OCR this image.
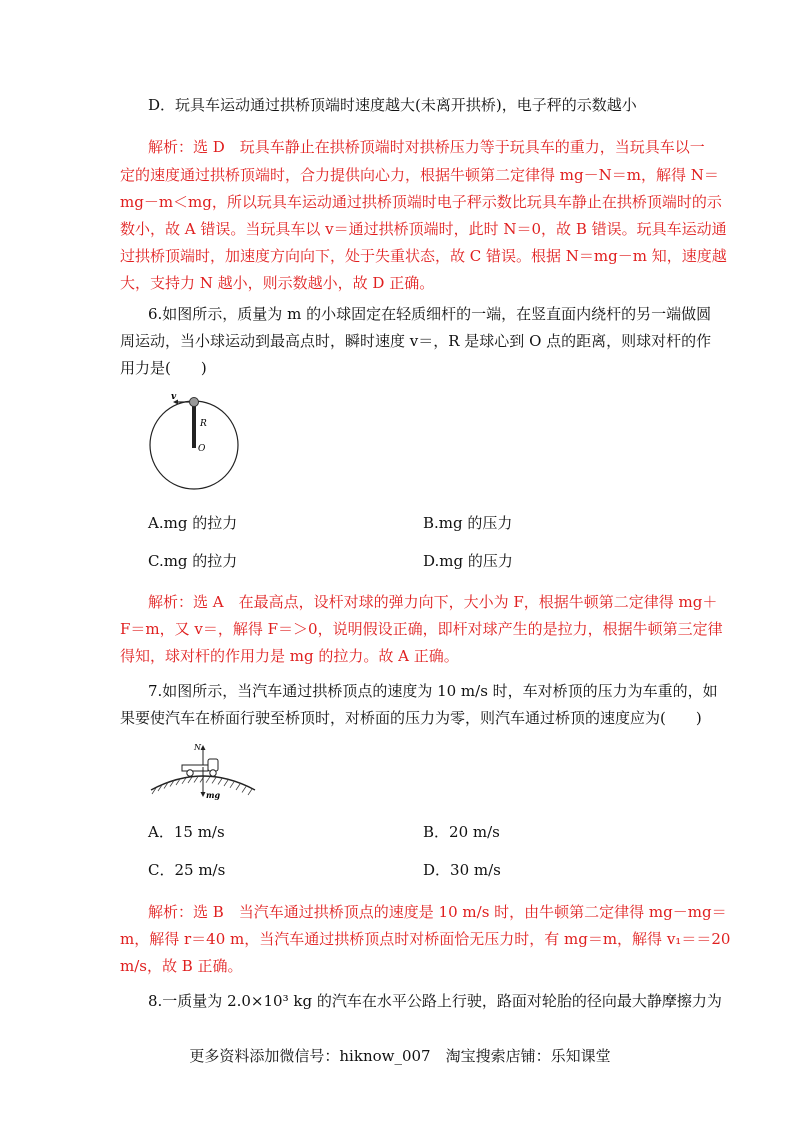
D．玩具车运动通过拱桥顶端时速度越大(未离开拱桥)，电子秤的示数越小
解析：选 D　玩具车静止在拱桥顶端时对拱桥压力等于玩具车的重力，当玩具车以一
定的速度通过拱桥顶端时，合力提供向心力，根据牛顿第二定律得 mg－N＝m，解得 N＝
mg－m＜mg，所以玩具车运动通过拱桥顶端时电子秤示数比玩具车静止在拱桥顶端时的示
数小，故 A 错误。当玩具车以 v＝通过拱桥顶端时，此时 N＝0，故 B 错误。玩具车运动通
过拱桥顶端时，加速度方向向下，处于失重状态，故 C 错误。根据 N＝mg－m 知，速度越
大，支持力 N 越小，则示数越小，故 D 正确。
6.如图所示，质量为 m 的小球固定在轻质细杆的一端，在竖直面内绕杆的另一端做圆
周运动，当小球运动到最高点时，瞬时速度 v＝，R 是球心到 O 点的距离，则球对杆的作
用力是(　　)
v
R
O
A.mg 的拉力	B.mg 的压力
C.mg 的拉力	D.mg 的压力
解析：选 A　在最高点，设杆对球的弹力向下，大小为 F，根据牛顿第二定律得 mg＋
F＝m，又 v＝，解得 F＝＞0，说明假设正确，即杆对球产生的是拉力，根据牛顿第三定律
得知，球对杆的作用力是 mg 的拉力。故 A 正确。
7.如图所示，当汽车通过拱桥顶点的速度为 10 m/s 时，车对桥顶的压力为车重的，如
果要使汽车在桥面行驶至桥顶时，对桥面的压力为零，则汽车通过桥顶的速度应为(　　)
N
mg
A．15 m/s	B．20 m/s
C．25 m/s	D．30 m/s
解析：选 B　当汽车通过拱桥顶点的速度是 10 m/s 时，由牛顿第二定律得 mg－mg＝
m，解得 r＝40 m，当汽车通过拱桥顶点时对桥面恰无压力时，有 mg＝m，解得 v₁＝＝20
m/s，故 B 正确。
8.一质量为 2.0×10³ kg 的汽车在水平公路上行驶，路面对轮胎的径向最大静摩擦力为
更多资料添加微信号：hiknow_007　淘宝搜索店铺：乐知课堂
